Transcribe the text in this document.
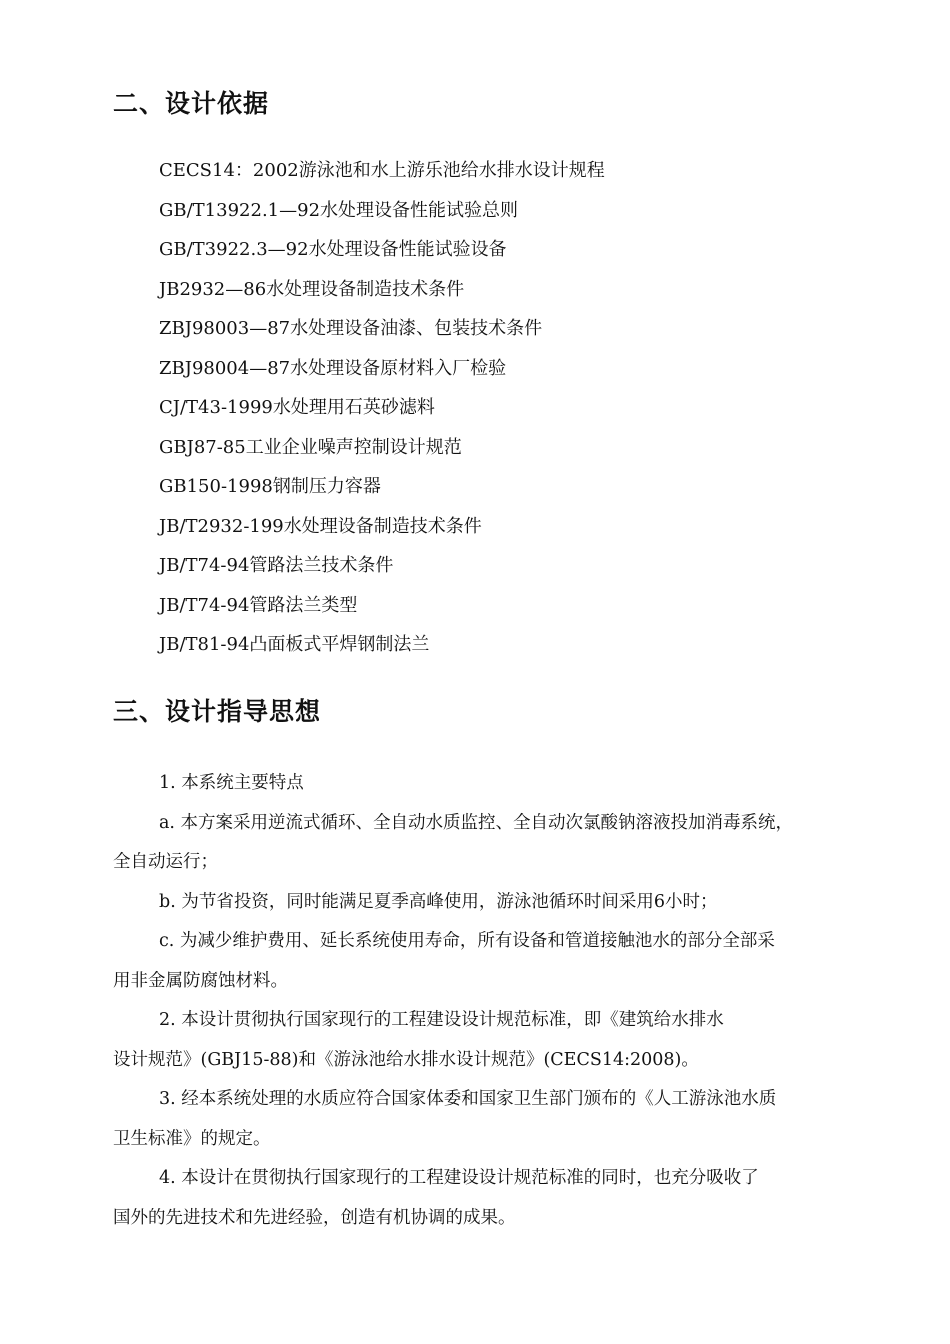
二、设计依据
CECS14：2002游泳池和水上游乐池给水排水设计规程
GB/T13922.1—92水处理设备性能试验总则
GB/T3922.3—92水处理设备性能试验设备
JB2932—86水处理设备制造技术条件
ZBJ98003—87水处理设备油漆、包装技术条件
ZBJ98004—87水处理设备原材料入厂检验
CJ/T43-1999水处理用石英砂滤料
GBJ87-85工业企业噪声控制设计规范
GB150-1998钢制压力容器
JB/T2932-199水处理设备制造技术条件
JB/T74-94管路法兰技术条件
JB/T74-94管路法兰类型
JB/T81-94凸面板式平焊钢制法兰
三、设计指导思想

1. 本系统主要特点

a. 本方案采用逆流式循环、全自动水质监控、全自动次氯酸钠溶液投加消毒系统，
全自动运行；

b. 为节省投资，同时能满足夏季高峰使用，游泳池循环时间采用6小时；

c. 为减少维护费用、延长系统使用寿命，所有设备和管道接触池水的部分全部采
用非金属防腐蚀材料。

2. 本设计贯彻执行国家现行的工程建设设计规范标准，即《建筑给水排水
设计规范》(GBJ15-88)和《游泳池给水排水设计规范》(CECS14:2008)。

3. 经本系统处理的水质应符合国家体委和国家卫生部门颁布的《人工游泳池水质
卫生标准》的规定。

4. 本设计在贯彻执行国家现行的工程建设设计规范标准的同时，也充分吸收了
国外的先进技术和先进经验，创造有机协调的成果。
